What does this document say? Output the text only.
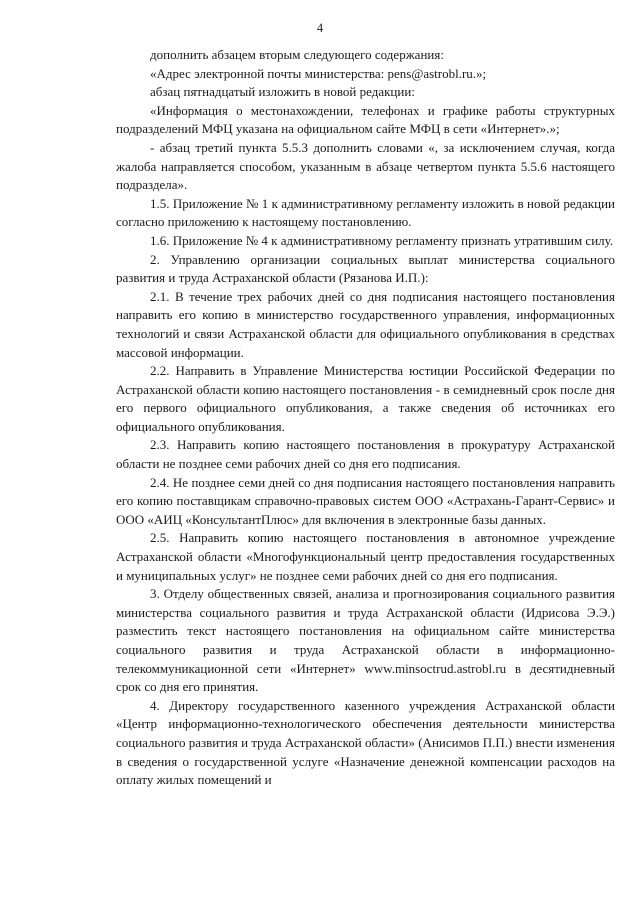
4

дополнить абзацем вторым следующего содержания:

«Адрес электронной почты министерства: pens@astrobl.ru.»;

абзац пятнадцатый изложить в новой редакции:

«Информация о местонахождении, телефонах и графике работы структурных подразделений МФЦ указана на официальном сайте МФЦ в сети «Интернет».»;

- абзац третий пункта 5.5.3 дополнить словами «, за исключением случая, когда жалоба направляется способом, указанным в абзаце четвертом пункта 5.5.6 настоящего подраздела».

1.5. Приложение № 1 к административному регламенту изложить в новой редакции согласно приложению к настоящему постановлению.

1.6. Приложение № 4 к административному регламенту признать утратившим силу.

2. Управлению организации социальных выплат министерства социального развития и труда Астраханской области (Рязанова И.П.):

2.1. В течение трех рабочих дней со дня подписания настоящего постановления направить его копию в министерство государственного управления, информационных технологий и связи Астраханской области для официального опубликования в средствах массовой информации.

2.2. Направить в Управление Министерства юстиции Российской Федерации по Астраханской области копию настоящего постановления - в семидневный срок после дня его первого официального опубликования, а также сведения об источниках его официального опубликования.

2.3. Направить копию настоящего постановления в прокуратуру Астраханской области не позднее семи рабочих дней со дня его подписания.

2.4. Не позднее семи дней со дня подписания настоящего постановления направить его копию поставщикам справочно-правовых систем ООО «Астрахань-Гарант-Сервис» и ООО «АИЦ «КонсультантПлюс» для включения в электронные базы данных.

2.5. Направить копию настоящего постановления в автономное учреждение Астраханской области «Многофункциональный центр предоставления государственных и муниципальных услуг» не позднее семи рабочих дней со дня его подписания.

3. Отделу общественных связей, анализа и прогнозирования социального развития министерства социального развития и труда Астраханской области (Идрисова Э.Э.) разместить текст настоящего постановления на официальном сайте министерства социального развития и труда Астраханской области в информационно-телекоммуникационной сети «Интернет» www.minsoctrud.astrobl.ru в десятидневный срок со дня его принятия.

4. Директору государственного казенного учреждения Астраханской области «Центр информационно-технологического обеспечения деятельности министерства социального развития и труда Астраханской области» (Анисимов П.П.) внести изменения в сведения о государственной услуге «Назначение денежной компенсации расходов на оплату жилых помещений и
